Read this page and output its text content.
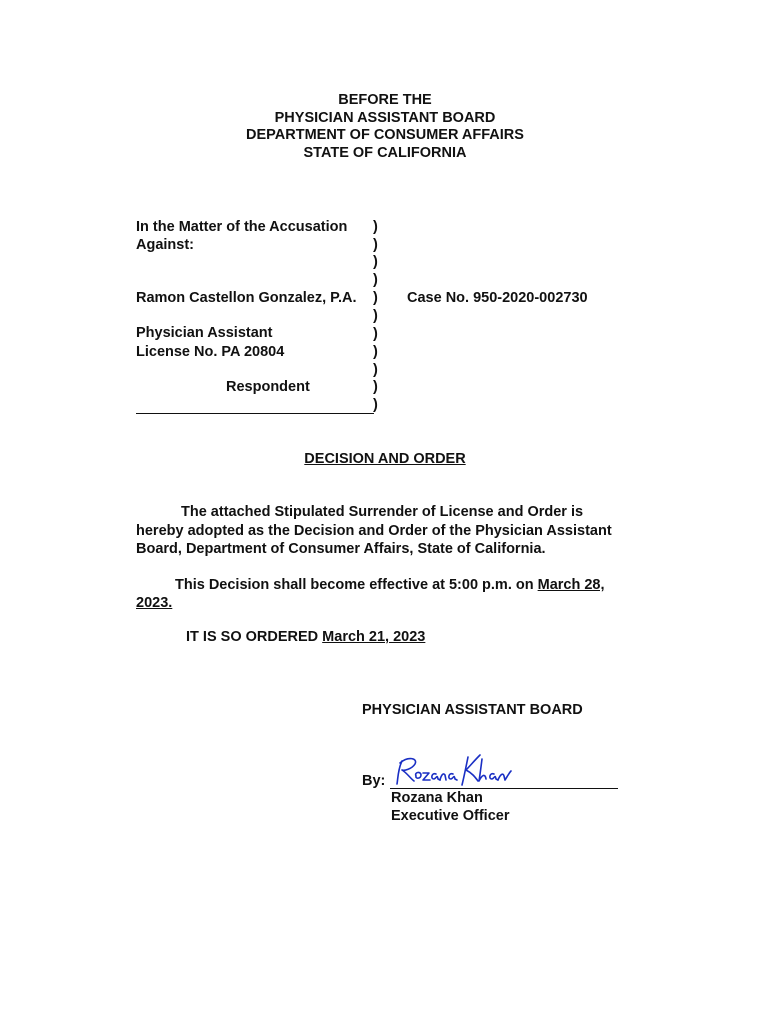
BEFORE THE
PHYSICIAN ASSISTANT BOARD
DEPARTMENT OF CONSUMER AFFAIRS
STATE OF CALIFORNIA
In the Matter of the Accusation
Against:
Ramon Castellon Gonzalez, P.A.
Physician Assistant
License No. PA 20804
Respondent
)
)
)
)
)
)
)
)
)
)
)
Case No. 950-2020-002730
DECISION AND ORDER
The attached Stipulated Surrender of License and Order is
hereby adopted as the Decision and Order of the Physician Assistant
Board, Department of Consumer Affairs, State of California.
This Decision shall become effective at 5:00 p.m. on March 28,
2023.
IT IS SO ORDERED March 21, 2023
PHYSICIAN ASSISTANT BOARD
By:
Rozana Khan
Executive Officer
